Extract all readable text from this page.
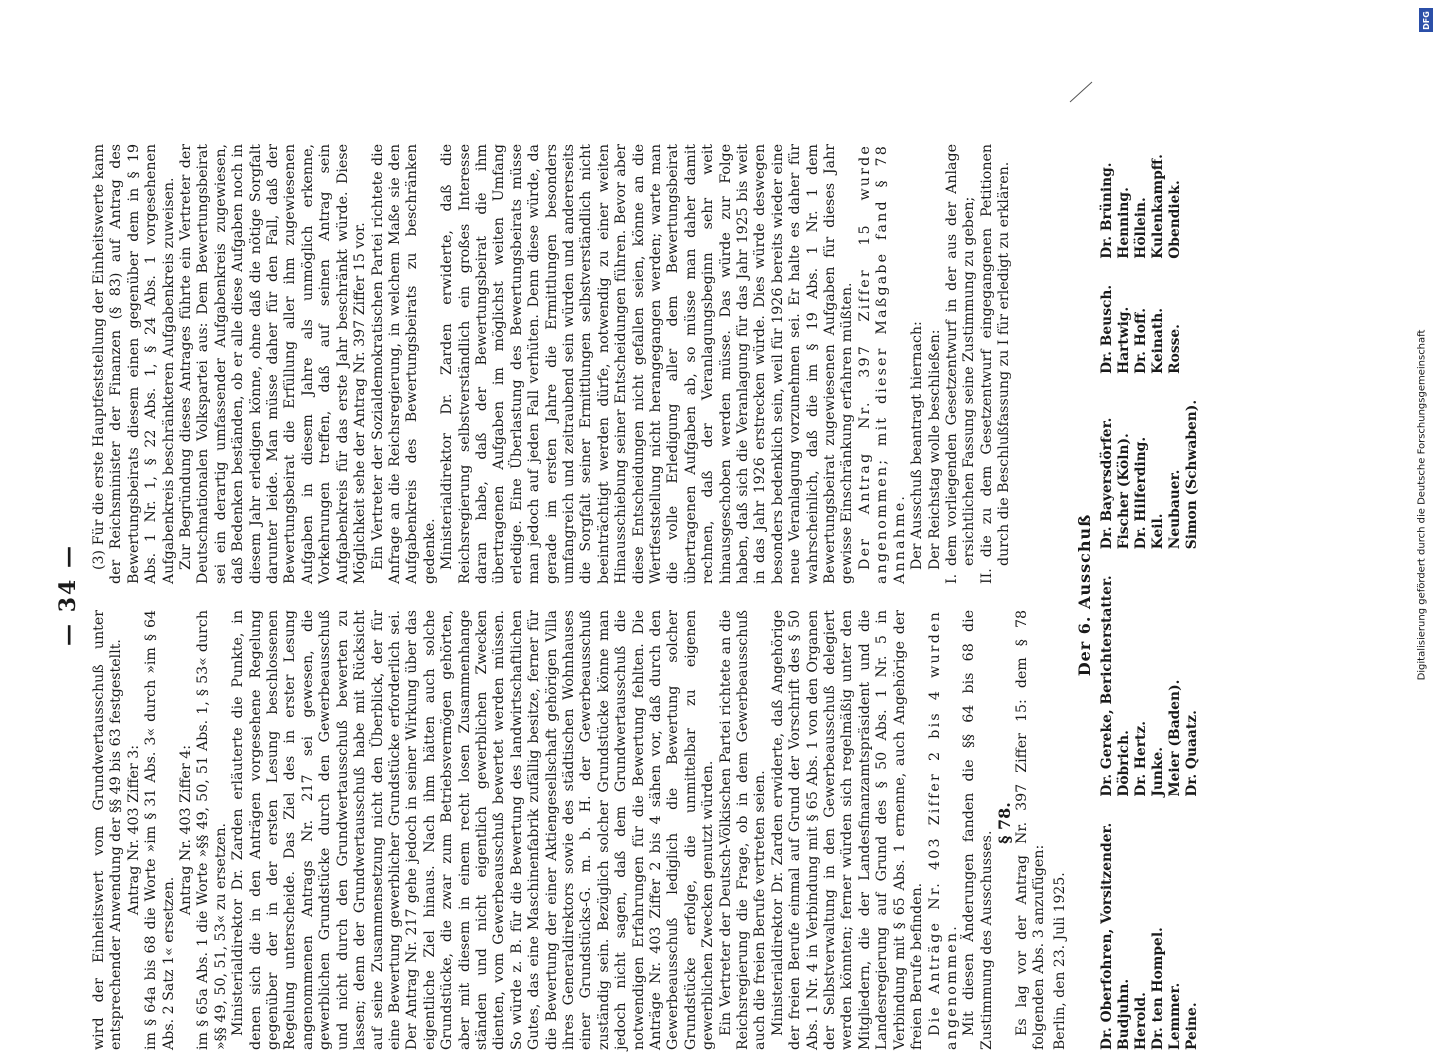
— 34 —

wird der Einheitswert vom Grundwertausschuß unter entsprechender Anwendung der §§ 49 bis 63 festgestellt. Antrag Nr. 403 Ziffer 3: im § 64a bis 68 die Worte »im § 31 Abs. 3« durch »im § 64 Abs. 2 Satz 1« ersetzen.

Antrag Nr. 403 Ziffer 4: im § 65a Abs. 1 die Worte »§§ 49, 50, 51 Abs. 1, § 53« durch »§§ 49, 50, 51, 53« zu ersetzen. Ministerialdirektor Dr. Zarden erläuterte die Punkte, in denen sich die in den Anträgen vorgesehene Regelung gegenüber der in der ersten Lesung beschlossenen Regelung unterscheide. Das Ziel des in erster Lesung angenommenen Antrags Nr. 217 sei gewesen, die gewerblichen Grundstücke durch den Gewerbeausschuß und nicht durch den Grundwertausschuß bewerten zu lassen; denn der Grundwertausschuß habe mit Rücksicht auf seine Zusammensetzung nicht den Überblick, der für eine Bewertung gewerblicher Grundstücke erforderlich sei. Der Antrag Nr. 217 gehe jedoch in seiner Wirkung über das eigentliche Ziel hinaus. Nach ihm hätten auch solche Grundstücke, die zwar zum Betriebsvermögen gehörten, aber mit diesem in einem recht losen Zusammenhange ständen und nicht eigentlich gewerblichen Zwecken dienten, vom Gewerbeausschuß bewertet werden müssen. So würde z. B. für die Bewertung des landwirtschaftlichen Gutes, das eine Maschinenfabrik zufällig besitze, ferner für die Bewertung der einer Aktiengesellschaft gehörigen Villa ihres Generaldirektors sowie des städtischen Wohnhauses einer Grundstücks-G. m. b. H. der Gewerbeausschuß zuständig sein. Bezüglich solcher Grundstücke könne man jedoch nicht sagen, daß dem Grundwertausschuß die notwendigen Erfahrungen für die Bewertung fehlten. Die Anträge Nr. 403 Ziffer 2 bis 4 sähen vor, daß durch den Gewerbeausschuß lediglich die Bewertung solcher Grundstücke erfolge, die unmittelbar zu eigenen gewerblichen Zwecken genutzt würden. Ein Vertreter der Deutsch-Völkischen Partei richtete an die Reichsregierung die Frage, ob in dem Gewerbeausschuß auch die freien Berufe vertreten seien. Ministerialdirektor Dr. Zarden erwiderte, daß Angehörige der freien Berufe einmal auf Grund der Vorschrift des § 50 Abs. 1 Nr. 4 in Verbindung mit § 65 Abs. 1 von den Organen der Selbstverwaltung in den Gewerbeausschuß delegiert werden könnten; ferner würden sich regelmäßig unter den Mitgliedern, die der Landesfinanzamtspräsident und die Landesregierung auf Grund des § 50 Abs. 1 Nr. 5 in Verbindung mit § 65 Abs. 1 ernenne, auch Angehörige der freien Berufe befinden. Die Anträge Nr. 403 Ziffer 2 bis 4 wurden angenommen. Mit diesen Änderungen fanden die §§ 64 bis 68 die Zustimmung des Ausschusses.

§ 78. Es lag vor der Antrag Nr. 397 Ziffer 15: dem § 78 folgenden Abs. 3 anzufügen:

(3) Für die erste Hauptfeststellung der Einheitswerte kann der Reichsminister der Finanzen (§ 83) auf Antrag des Bewertungsbeirats diesem einen gegenüber dem in § 19 Abs. 1 Nr. 1, § 22 Abs. 1, § 24 Abs. 1 vorgesehenen Aufgabenkreis beschränkteren Aufgabenkreis zuweisen. Zur Begründung dieses Antrages führte ein Vertreter der Deutschnationalen Volkspartei aus: Dem Bewertungsbeirat sei ein derartig umfassender Aufgabenkreis zugewiesen, daß Bedenken beständen, ob er alle diese Aufgaben noch in diesem Jahr erledigen könne, ohne daß die nötige Sorgfalt darunter leide. Man müsse daher für den Fall, daß der Bewertungsbeirat die Erfüllung aller ihm zugewiesenen Aufgaben in diesem Jahre als unmöglich erkenne, Vorkehrungen treffen, daß auf seinen Antrag sein Aufgabenkreis für das erste Jahr beschränkt würde. Diese Möglichkeit sehe der Antrag Nr. 397 Ziffer 15 vor. Ein Vertreter der Sozialdemokratischen Partei richtete die Anfrage an die Reichsregierung, in welchem Maße sie den Aufgabenkreis des Bewertungsbeirats zu beschränken gedenke. Ministerialdirektor Dr. Zarden erwiderte, daß die Reichsregierung selbstverständlich ein großes Interesse daran habe, daß der Bewertungsbeirat die ihm übertragenen Aufgaben im möglichst weiten Umfang erledige. Eine Überlastung des Bewertungsbeirats müsse man jedoch auf jeden Fall verhüten. Denn diese würde, da gerade im ersten Jahre die Ermittlungen besonders umfangreich und zeitraubend sein würden und andererseits die Sorgfalt seiner Ermittlungen selbstverständlich nicht beeinträchtigt werden dürfe, notwendig zu einer weiten Hinausschiebung seiner Entscheidungen führen. Bevor aber diese Entscheidungen nicht gefallen seien, könne an die Wertfeststellung nicht herangegangen werden; warte man die volle Erledigung aller dem Bewertungsbeirat übertragenen Aufgaben ab, so müsse man daher damit rechnen, daß der Veranlagungsbeginn sehr weit hinausgeschoben werden müsse. Das würde zur Folge haben, daß sich die Veranlagung für das Jahr 1925 bis weit in das Jahr 1926 erstrecken würde. Dies würde deswegen besonders bedenklich sein, weil für 1926 bereits wieder eine neue Veranlagung vorzunehmen sei. Er halte es daher für wahrscheinlich, daß die im § 19 Abs. 1 Nr. 1 dem Bewertungsbeirat zugewiesenen Aufgaben für dieses Jahr gewisse Einschränkung erfahren müßten. Der Antrag Nr. 397 Ziffer 15 wurde angenommen; mit dieser Maßgabe fand § 78 Annahme. Der Ausschuß beantragt hiernach: Der Reichstag wolle beschließen: I. dem vorliegenden Gesetzentwurf in der aus der Anlage ersichtlichen Fassung seine Zustimmung zu geben; II. die zu dem Gesetzentwurf eingegangenen Petitionen durch die Beschlußfassung zu I für erledigt zu erklären.

Berlin, den 23. Juli 1925.
Der 6. Ausschuß
Dr. Oberfohren, Vorsitzender.
Dr. Gereke, Berichterstatter.
Dr. Bayersdörfer.
Dr. Beusch.
Dr. Brüning.
Budjuhn.
Döbrich.
Fischer (Köln).
Hartwig.
Henning.
Herold.
Dr. Hertz.
Dr. Hilferding.
Dr. Hoff.
Höllein.
Dr. ten Hompel.
Junke.
Keil.
Keinath.
Kulenkampff.
Lemmer.
Meier (Baden).
Neubauer.
Rosse.
Obendiek.
Peine.
Dr. Quaatz.
Simon (Schwaben).	Digitalisierung gefördert durch die Deutsche Forschungsgemeinschaft
DFG
